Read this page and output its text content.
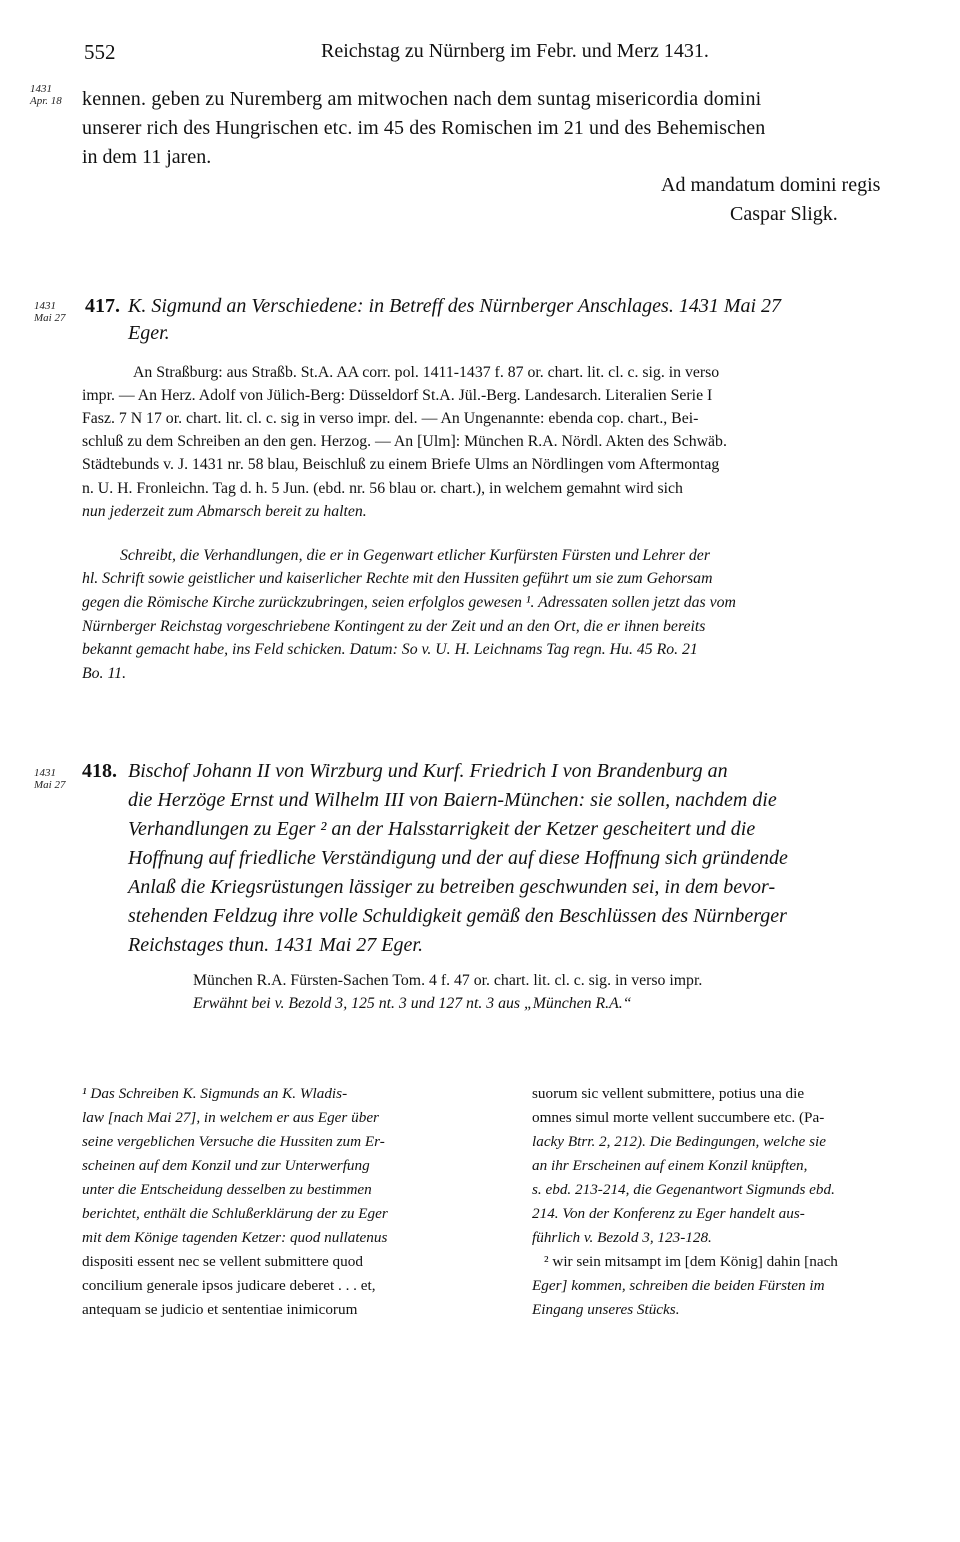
552	Reichstag zu Nürnberg im Febr. und Merz 1431.
1431
Apr. 18 kennen. geben zu Nuremberg am mitwochen nach dem suntag misericordia domini
unserer rich des Hungrischen etc. im 45 des Romischen im 21 und des Behemischen
in dem 11 jaren.
Ad mandatum domini regis
Caspar Sligk.
1431
Mai 27
417. K. Sigmund an Verschiedene: in Betreff des Nürnberger Anschlages. 1431 Mai 27
Eger.
An Straßburg: aus Straßb. St.A. AA corr. pol. 1411-1437 f. 87 or. chart. lit. cl. c. sig. in verso
impr. — An Herz. Adolf von Jülich-Berg: Düsseldorf St.A. Jül.-Berg. Landesarch. Literalien Serie I
Fasz. 7 N 17 or. chart. lit. cl. c. sig in verso impr. del. — An Ungenannte: ebenda cop. chart., Bei-
schluß zu dem Schreiben an den gen. Herzog. — An [Ulm]: München R.A. Nördl. Akten des Schwäb.
Städtebunds v. J. 1431 nr. 58 blau, Beischluß zu einem Briefe Ulms an Nördlingen vom Aftermontag
n. U. H. Fronleichn. Tag d. h. 5 Jun. (ebd. nr. 56 blau or. chart.), in welchem gemahnt wird sich
nun jederzeit zum Abmarsch bereit zu halten.
Schreibt, die Verhandlungen, die er in Gegenwart etlicher Kurfürsten Fürsten und Lehrer der
hl. Schrift sowie geistlicher und kaiserlicher Rechte mit den Hussiten geführt um sie zum Gehorsam
gegen die Römische Kirche zurückzubringen, seien erfolglos gewesen ¹. Adressaten sollen jetzt das vom
Nürnberger Reichstag vorgeschriebene Kontingent zu der Zeit und an den Ort, die er ihnen bereits
bekannt gemacht habe, ins Feld schicken. Datum: So v. U. H. Leichnams Tag regn. Hu. 45 Ro. 21
Bo. 11.
1431
Mai 27
418. Bischof Johann II von Wirzburg und Kurf. Friedrich I von Brandenburg an
die Herzöge Ernst und Wilhelm III von Baiern-München: sie sollen, nachdem die
Verhandlungen zu Eger ² an der Halsstarrigkeit der Ketzer gescheitert und die
Hoffnung auf friedliche Verständigung und der auf diese Hoffnung sich gründende
Anlaß die Kriegsrüstungen lässiger zu betreiben geschwunden sei, in dem bevor-
stehenden Feldzug ihre volle Schuldigkeit gemäß den Beschlüssen des Nürnberger
Reichstages thun. 1431 Mai 27 Eger.
München R.A. Fürsten-Sachen Tom. 4 f. 47 or. chart. lit. cl. c. sig. in verso impr.
Erwähnt bei v. Bezold 3, 125 nt. 3 und 127 nt. 3 aus „München R.A.“
¹ Das Schreiben K. Sigmunds an K. Wladis-
law [nach Mai 27], in welchem er aus Eger über
seine vergeblichen Versuche die Hussiten zum Er-
scheinen auf dem Konzil und zur Unterwerfung
unter die Entscheidung desselben zu bestimmen
berichtet, enthält die Schlußerklärung der zu Eger
mit dem Könige tagenden Ketzer: quod nullatenus
dispositi essent nec se vellent submittere quod
concilium generale ipsos judicare deberet . . . et,
antequam se judicio et sententiae inimicorum
suorum sic vellent submittere, potius una die
omnes simul morte vellent succumbere etc. (Pa-
lacky Btrr. 2, 212). Die Bedingungen, welche sie
an ihr Erscheinen auf einem Konzil knüpften,
s. ebd. 213-214, die Gegenantwort Sigmunds ebd.
214. Von der Konferenz zu Eger handelt aus-
führlich v. Bezold 3, 123-128.
² wir sein mitsampt im [dem König] dahin [nach
Eger] kommen, schreiben die beiden Fürsten im
Eingang unseres Stücks.
